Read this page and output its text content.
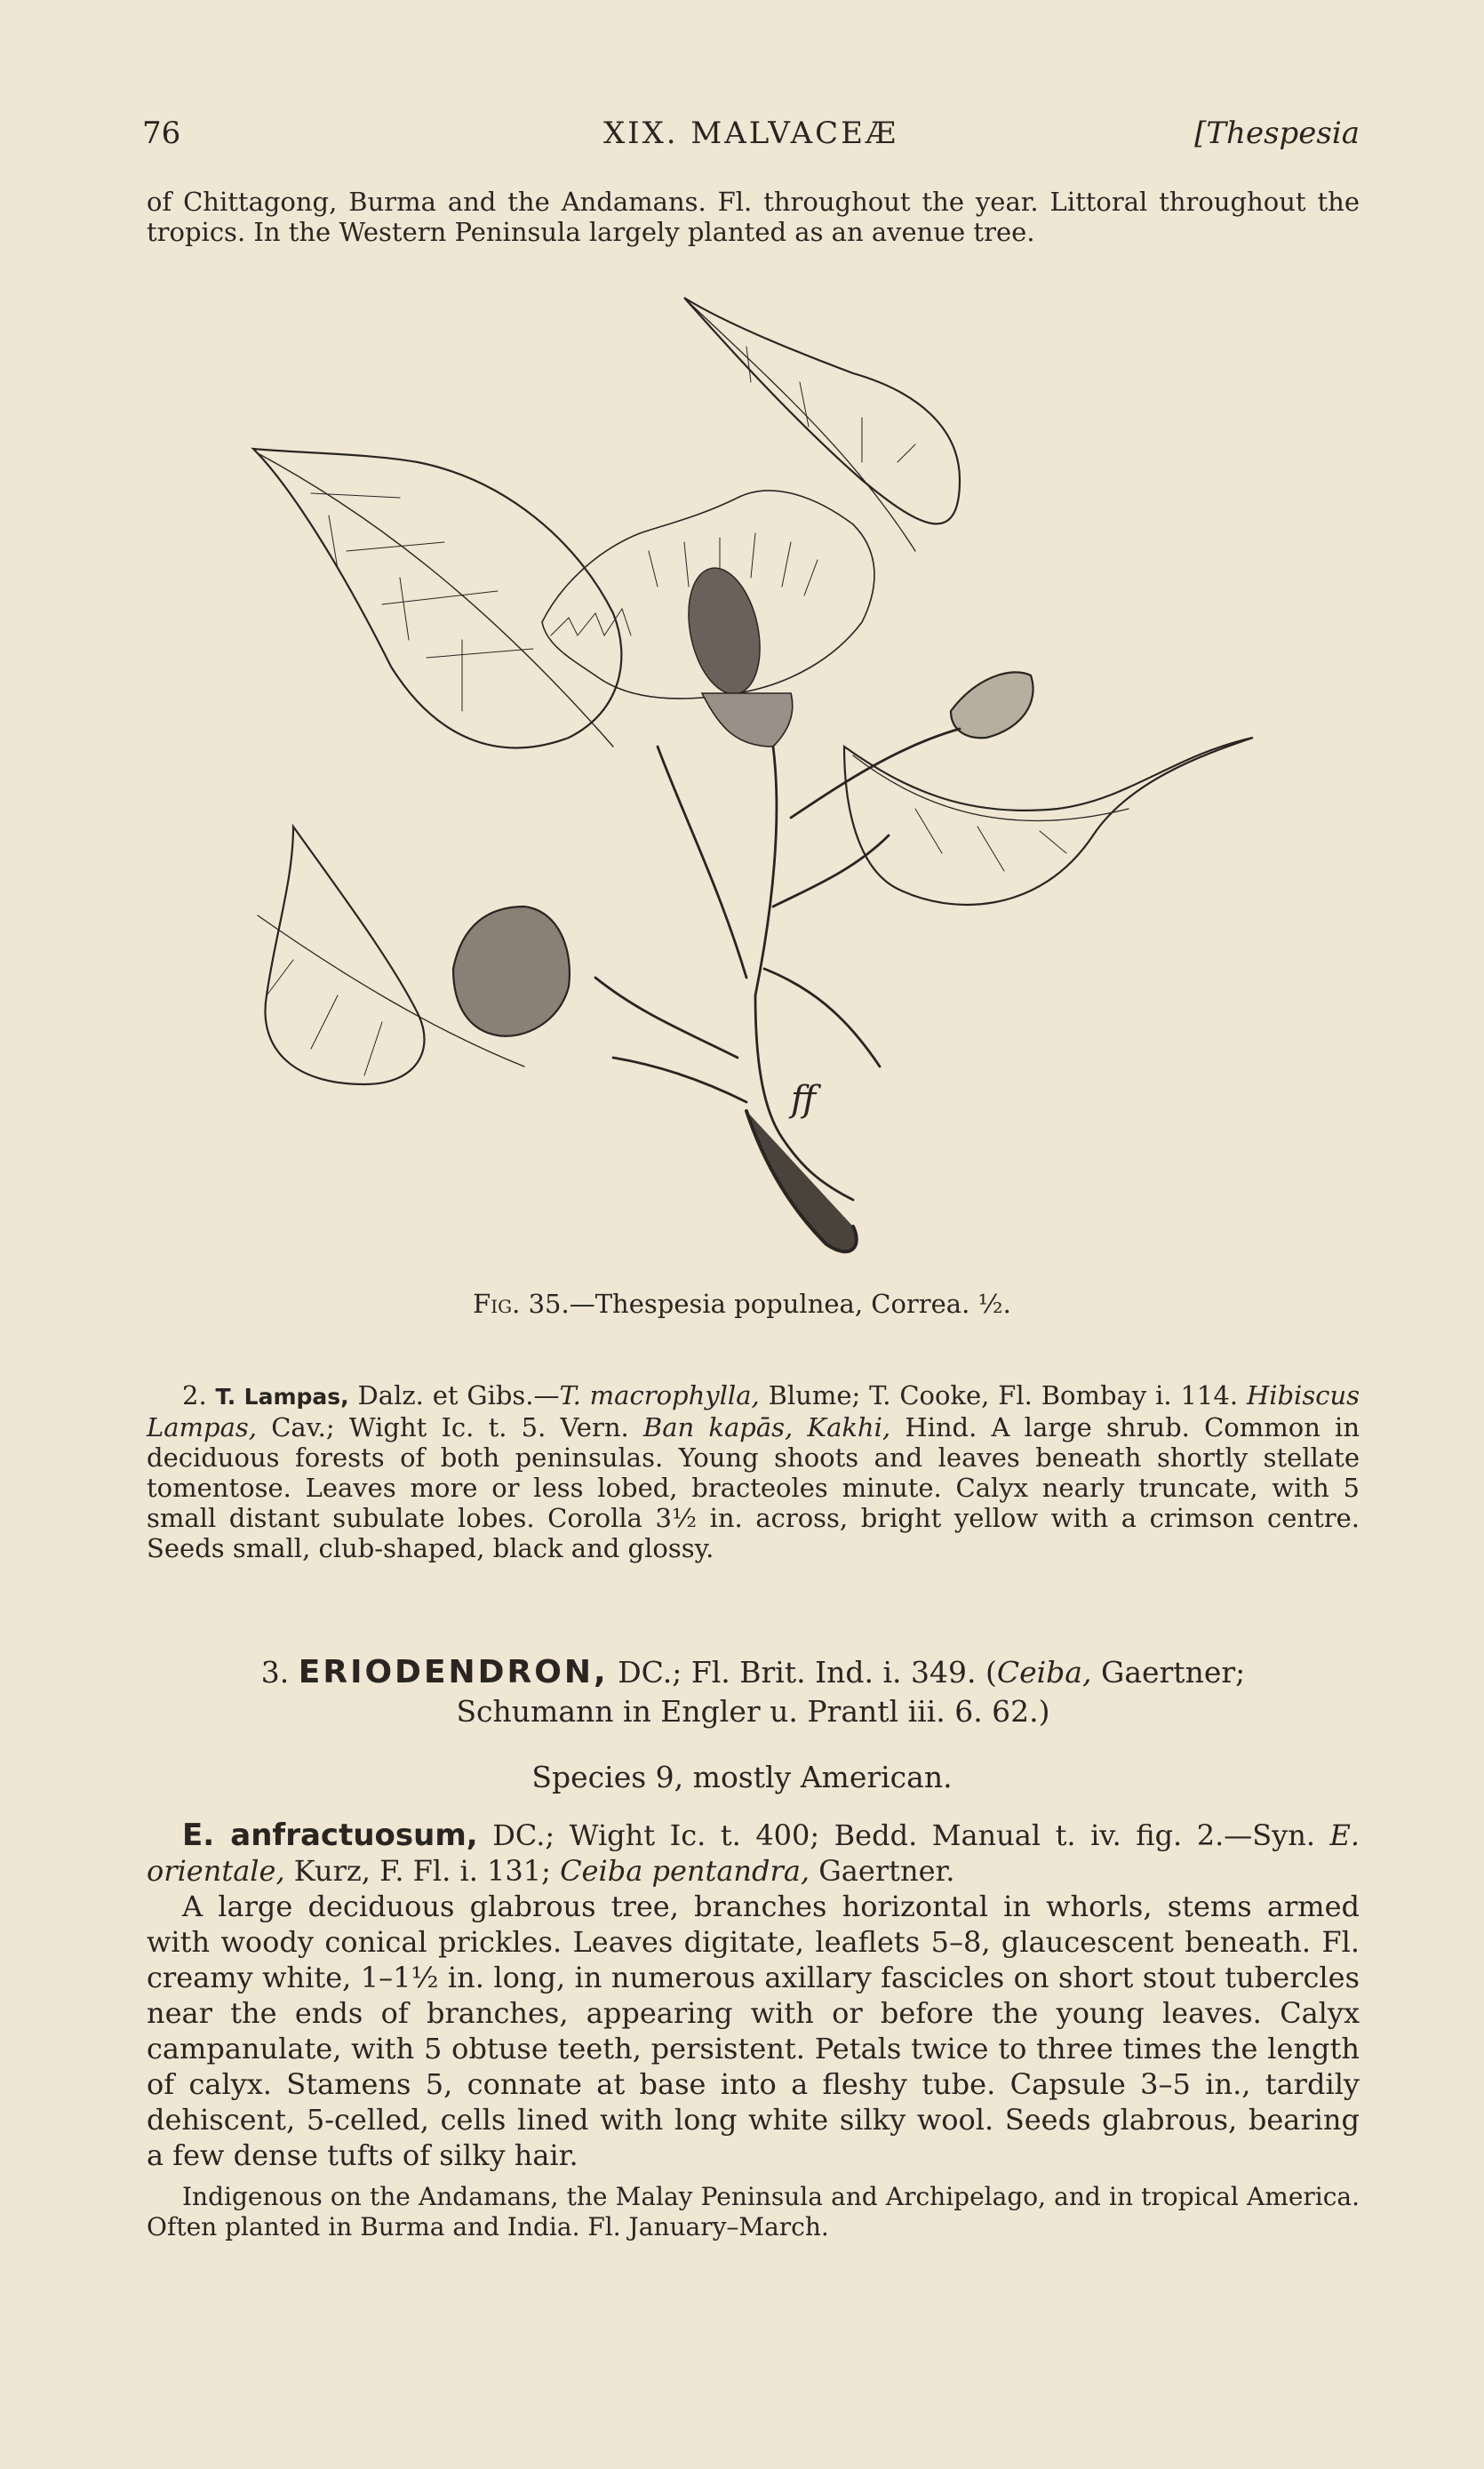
76	XIX. MALVACEÆ	[Thespesia
of Chittagong, Burma and the Andamans. Fl. throughout the year. Littoral throughout the tropics. In the Western Peninsula largely planted as an avenue tree.
ff
Fig. 35.—Thespesia populnea, Correa. ½.
2. T. Lampas, Dalz. et Gibs.—T. macrophylla, Blume; T. Cooke, Fl. Bombay i. 114. Hibiscus Lampas, Cav.; Wight Ic. t. 5. Vern. Ban kapās, Kakhi, Hind. A large shrub. Common in deciduous forests of both peninsulas. Young shoots and leaves beneath shortly stellate tomentose. Leaves more or less lobed, bracteoles minute. Calyx nearly truncate, with 5 small distant subulate lobes. Corolla 3½ in. across, bright yellow with a crimson centre. Seeds small, club-shaped, black and glossy.
3. ERIODENDRON, DC.; Fl. Brit. Ind. i. 349. (Ceiba, Gaertner;
Schumann in Engler u. Prantl iii. 6. 62.)
Species 9, mostly American.
E. anfractuosum, DC.; Wight Ic. t. 400; Bedd. Manual t. iv. fig. 2.—Syn. E. orientale, Kurz, F. Fl. i. 131; Ceiba pentandra, Gaertner.
A large deciduous glabrous tree, branches horizontal in whorls, stems armed with woody conical prickles. Leaves digitate, leaflets 5–8, glaucescent beneath. Fl. creamy white, 1–1½ in. long, in numerous axillary fascicles on short stout tubercles near the ends of branches, appearing with or before the young leaves. Calyx campanulate, with 5 obtuse teeth, persistent. Petals twice to three times the length of calyx. Stamens 5, connate at base into a fleshy tube. Capsule 3–5 in., tardily dehiscent, 5-celled, cells lined with long white silky wool. Seeds glabrous, bearing a few dense tufts of silky hair.
Indigenous on the Andamans, the Malay Peninsula and Archipelago, and in tropical America. Often planted in Burma and India. Fl. January–March.
